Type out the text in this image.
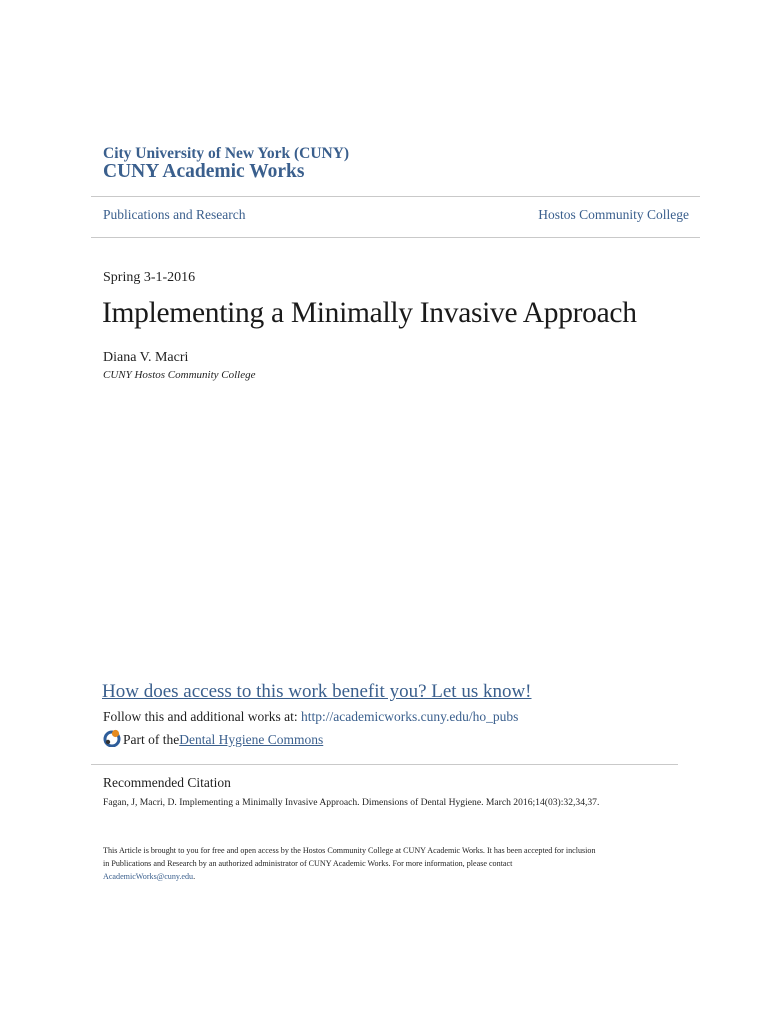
City University of New York (CUNY)
CUNY Academic Works
Publications and Research	Hostos Community College
Spring 3-1-2016
Implementing a Minimally Invasive Approach
Diana V. Macri
CUNY Hostos Community College
How does access to this work benefit you? Let us know!
Follow this and additional works at: http://academicworks.cuny.edu/ho_pubs
Part of the Dental Hygiene Commons
Recommended Citation
Fagan, J, Macri, D. Implementing a Minimally Invasive Approach. Dimensions of Dental Hygiene. March 2016;14(03):32,34,37.
This Article is brought to you for free and open access by the Hostos Community College at CUNY Academic Works. It has been accepted for inclusion
in Publications and Research by an authorized administrator of CUNY Academic Works. For more information, please contact
AcademicWorks@cuny.edu.
